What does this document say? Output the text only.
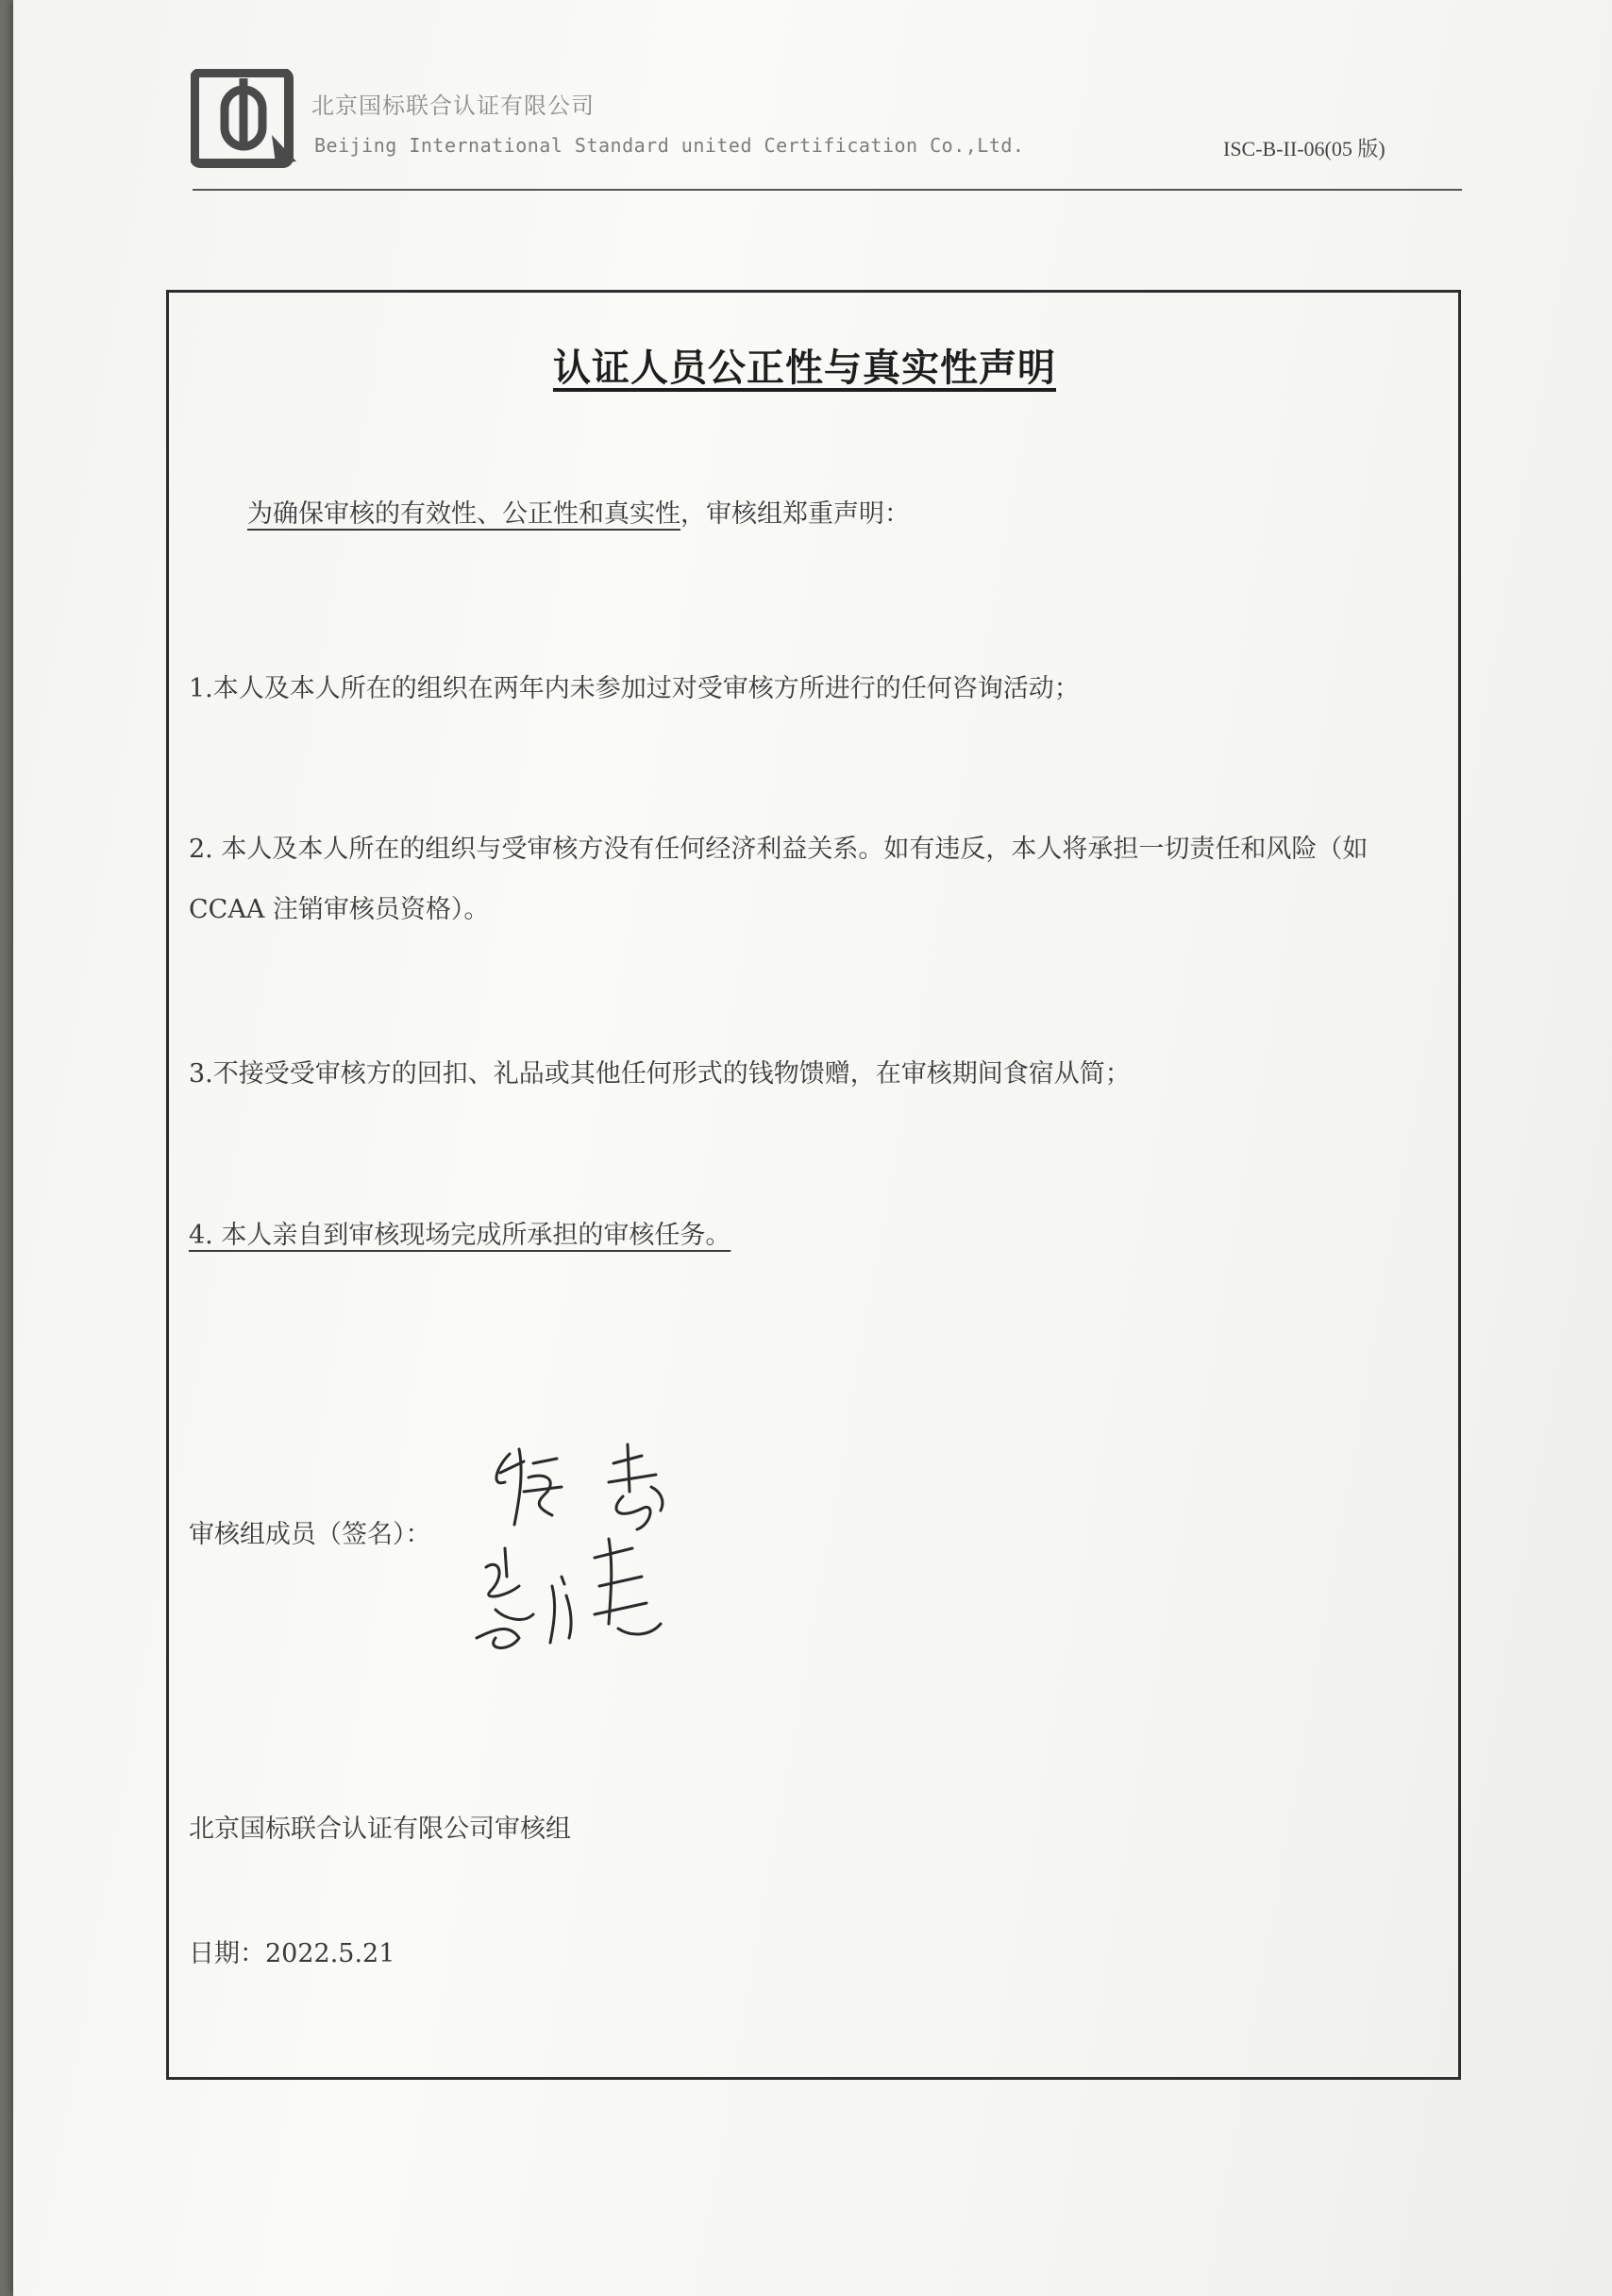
北京国标联合认证有限公司
Beijing International Standard united Certification Co.,Ltd.	ISC-B-II-06(05 版)
认证人员公正性与真实性声明
为确保审核的有效性、公正性和真实性，审核组郑重声明：
1.本人及本人所在的组织在两年内未参加过对受审核方所进行的任何咨询活动；
2. 本人及本人所在的组织与受审核方没有任何经济利益关系。如有违反，本人将承担一切责任和风险（如 CCAA 注销审核员资格）。
3.不接受受审核方的回扣、礼品或其他任何形式的钱物馈赠，在审核期间食宿从简；
4. 本人亲自到审核现场完成所承担的审核任务。
审核组成员（签名）：
北京国标联合认证有限公司审核组
日期：2022.5.21
